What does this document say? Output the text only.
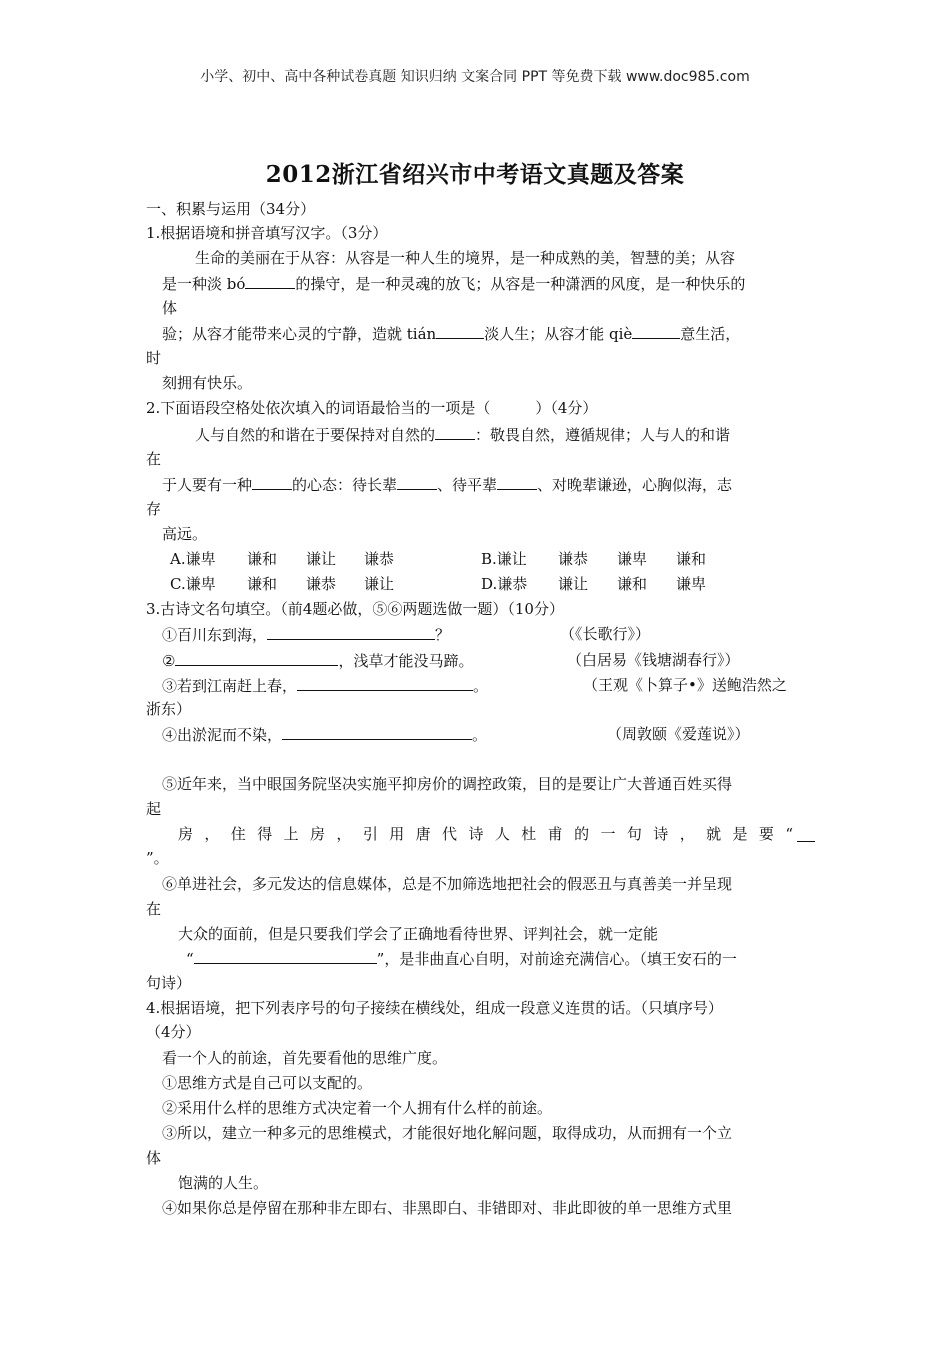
小学、初中、高中各种试卷真题 知识归纳 文案合同 PPT 等免费下载 www.doc985.com
2012浙江省绍兴市中考语文真题及答案
一、积累与运用（34分）
1.根据语境和拼音填写汉字。（3分）
生命的美丽在于从容：从容是一种人生的境界，是一种成熟的美，智慧的美；从容
是一种淡 bó	的操守，是一种灵魂的放飞；从容是一种潇洒的风度，是一种快乐的
体
验；从容才能带来心灵的宁静，造就 tián	淡人生；从容才能 qiè	意生活，
时
刻拥有快乐。
2.下面语段空格处依次填入的词语最恰当的一项是（　　　）（4分）
人与自然的和谐在于要保持对自然的	：敬畏自然，遵循规律；人与人的和谐
在
于人要有一种	的心态：待长辈	、待平辈	、对晚辈谦逊，心胸似海，志
存
高远。
A.谦卑 谦和 谦让 谦恭	B.谦让 谦恭 谦卑 谦和
C.谦卑 谦和 谦恭 谦让	D.谦恭 谦让 谦和 谦卑
3.古诗文名句填空。（前4题必做，⑤⑥两题选做一题）（10分）
①百川东到海，	？	（《长歌行》）
②	，浅草才能没马蹄。	（白居易《钱塘湖春行》）
③若到江南赶上春，	。	（王观《卜算子•》送鲍浩然之
浙东）
④出淤泥而不染，	。	（周敦颐《爱莲说》）
⑤近年来，当中眼国务院坚决实施平抑房价的调控政策，目的是要让广大普通百姓买得
起
房，住得上房，引用唐代诗人杜甫的一句诗，就是要“
”。
⑥单进社会，多元发达的信息媒体，总是不加筛选地把社会的假恶丑与真善美一并呈现
在
大众的面前，但是只要我们学会了正确地看待世界、评判社会，就一定能
“	”，是非曲直心自明，对前途充满信心。（填王安石的一
句诗）
4.根据语境，把下列表序号的句子接续在横线处，组成一段意义连贯的话。（只填序号）
（4分）
看一个人的前途，首先要看他的思维广度。
①思维方式是自己可以支配的。
②采用什么样的思维方式决定着一个人拥有什么样的前途。
③所以，建立一种多元的思维模式，才能很好地化解问题，取得成功，从而拥有一个立
体
饱满的人生。
④如果你总是停留在那种非左即右、非黑即白、非错即对、非此即彼的单一思维方式里
